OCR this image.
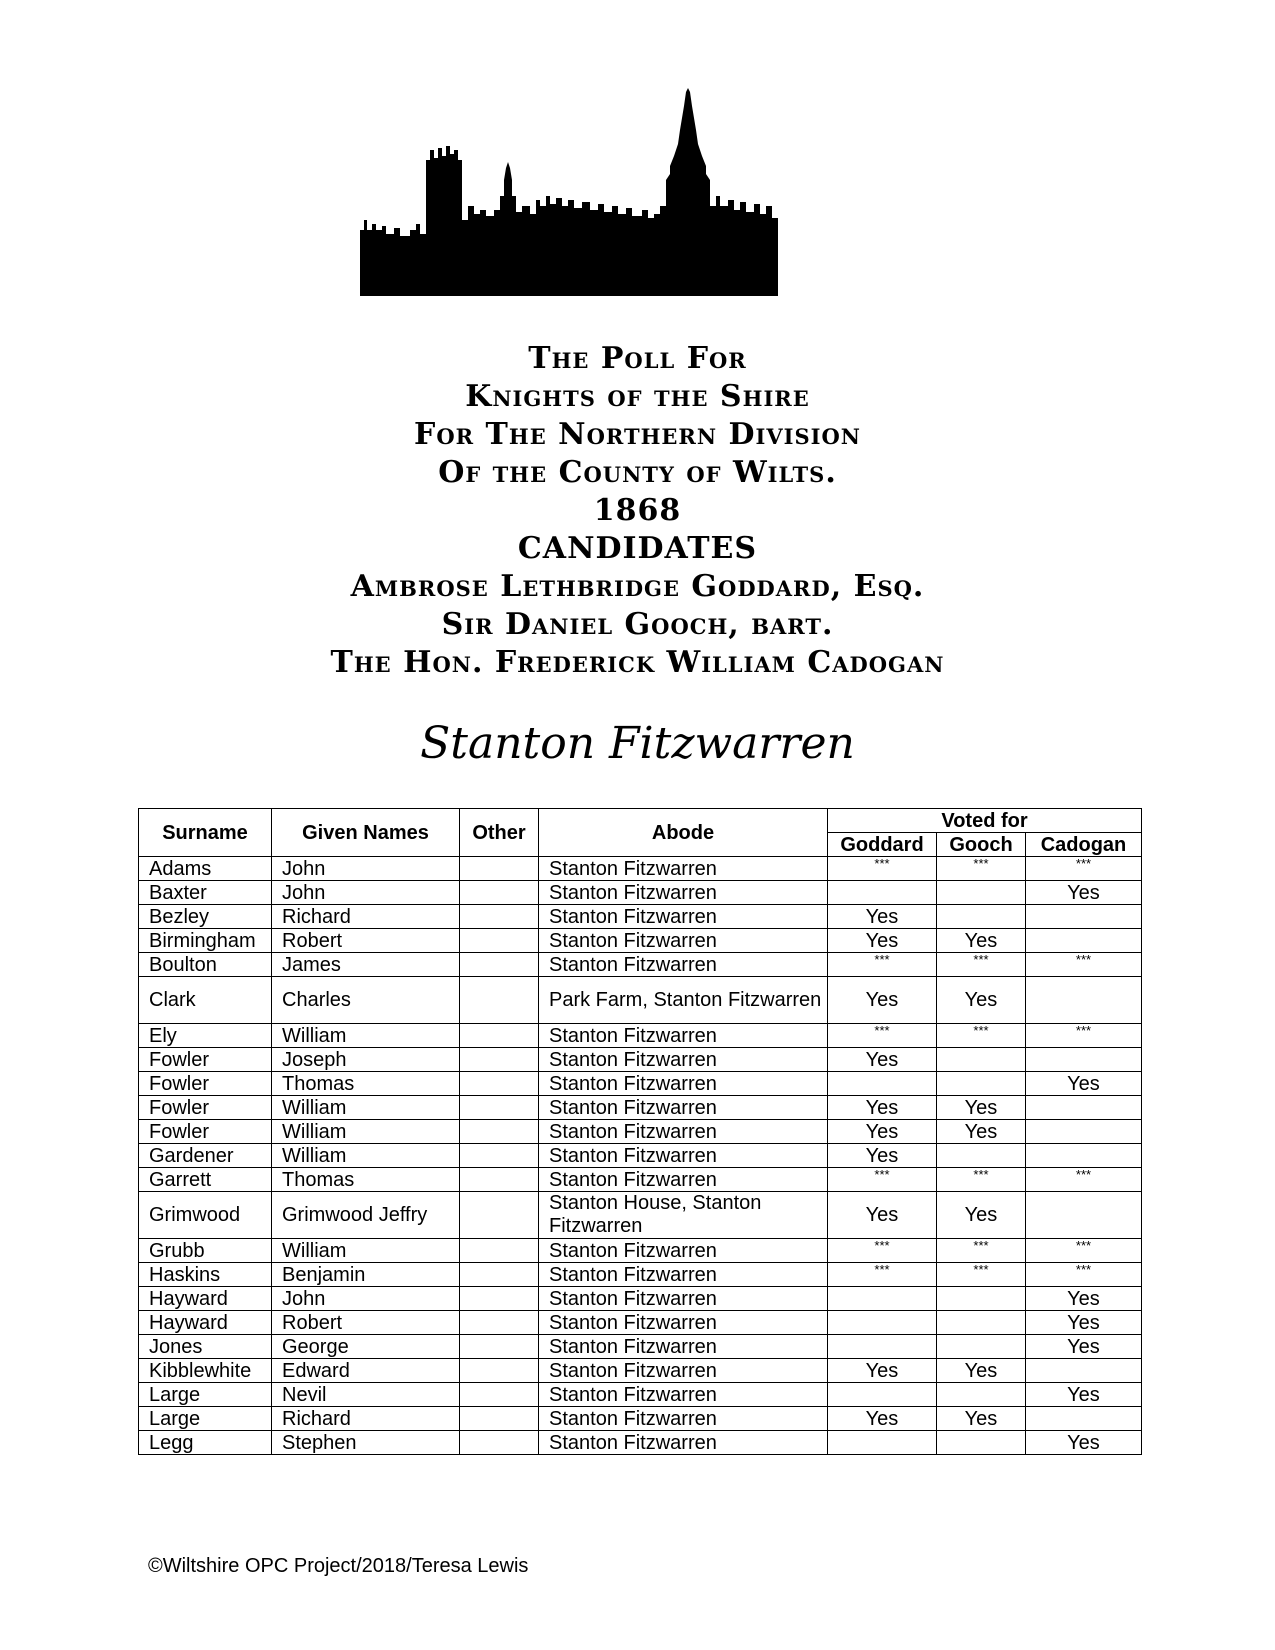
The Poll For
Knights of the Shire
For The Northern Division
Of the County of Wilts.
1868
CANDIDATES
Ambrose Lethbridge Goddard, Esq.
Sir Daniel Gooch, bart.
The Hon. Frederick William Cadogan
Stanton Fitzwarren
Surname	Given Names	Other	Abode	Voted for		
				Goddard	Gooch	Cadogan
Adams	John		Stanton Fitzwarren	***	***	***
Baxter	John		Stanton Fitzwarren			Yes
Bezley	Richard		Stanton Fitzwarren	Yes		
Birmingham	Robert		Stanton Fitzwarren	Yes	Yes	
Boulton	James		Stanton Fitzwarren	***	***	***
Clark	Charles		Park Farm, Stanton Fitzwarren	Yes	Yes	
Ely	William		Stanton Fitzwarren	***	***	***
Fowler	Joseph		Stanton Fitzwarren	Yes		
Fowler	Thomas		Stanton Fitzwarren			Yes
Fowler	William		Stanton Fitzwarren	Yes	Yes	
Fowler	William		Stanton Fitzwarren	Yes	Yes	
Gardener	William		Stanton Fitzwarren	Yes		
Garrett	Thomas		Stanton Fitzwarren	***	***	***
Grimwood	Grimwood Jeffry		Stanton House, Stanton Fitzwarren	Yes	Yes	
Grubb	William		Stanton Fitzwarren	***	***	***
Haskins	Benjamin		Stanton Fitzwarren	***	***	***
Hayward	John		Stanton Fitzwarren			Yes
Hayward	Robert		Stanton Fitzwarren			Yes
Jones	George		Stanton Fitzwarren			Yes
Kibblewhite	Edward		Stanton Fitzwarren	Yes	Yes	
Large	Nevil		Stanton Fitzwarren			Yes
Large	Richard		Stanton Fitzwarren	Yes	Yes	
Legg	Stephen		Stanton Fitzwarren			Yes
©Wiltshire OPC Project/2018/Teresa Lewis
